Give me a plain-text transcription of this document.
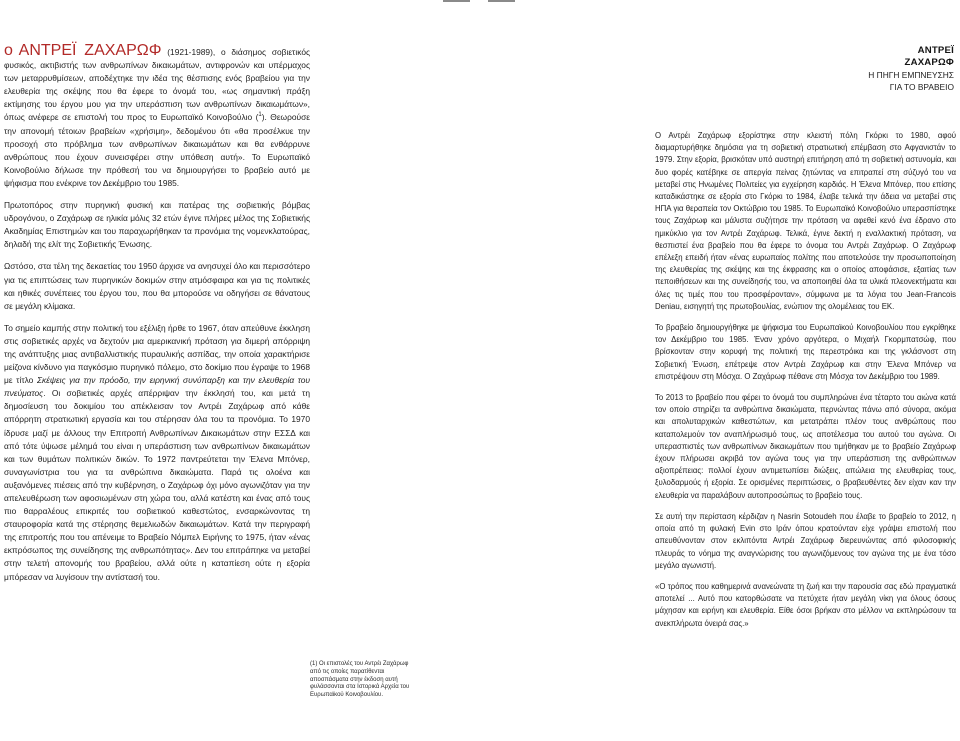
ο ΑΝΤΡΕΪ ΖΑΧΑΡΩΦ (1921-1989), ο διάσημος σοβιετικός φυσικός, ακτιβιστής των ανθρωπίνων δικαιωμάτων, αντιφρονών και υπέρμαχος των μεταρρυθμίσεων, αποδέχτηκε την ιδέα της θέσπισης ενός βραβείου για την ελευθερία της σκέψης που θα έφερε το όνομά του, «ως σημαντική πράξη εκτίμησης του έργου μου για την υπεράσπιση των ανθρωπίνων δικαιωμάτων», όπως ανέφερε σε επιστολή του προς το Ευρωπαϊκό Κοινοβούλιο ($^1$). Θεωρούσε την απονομή τέτοιων βραβείων «χρήσιμη», δεδομένου ότι «θα προσέλκυε την προσοχή στο πρόβλημα των ανθρωπίνων δικαιωμάτων και θα ενθάρρυνε ανθρώπους που έχουν συνεισφέρει στην υπόθεση αυτή». Το Ευρωπαϊκό Κοινοβούλιο δήλωσε την πρόθεσή του να δημιουργήσει το βραβείο αυτό με ψήφισμα που ενέκρινε τον Δεκέμβριο του 1985.

Πρωτοπόρος στην πυρηνική φυσική και πατέρας της σοβιετικής βόμβας υδρογόνου, ο Ζαχάρωφ σε ηλικία μόλις 32 ετών έγινε πλήρες μέλος της Σοβιετικής Ακαδημίας Επιστημών και του παραχωρήθηκαν τα προνόμια της νομενκλατούρας, δηλαδή της ελίτ της Σοβιετικής Ένωσης.

Ωστόσο, στα τέλη της δεκαετίας του 1950 άρχισε να ανησυχεί όλο και περισσότερο για τις επιπτώσεις των πυρηνικών δοκιμών στην ατμόσφαιρα και για τις πολιτικές και ηθικές συνέπειες του έργου του, που θα μπορούσε να οδηγήσει σε θάνατους σε μεγάλη κλίμακα.

Το σημείο καμπής στην πολιτική του εξέλιξη ήρθε το 1967, όταν απεύθυνε έκκληση στις σοβιετικές αρχές να δεχτούν μια αμερικανική πρόταση για διμερή απόρριψη της ανάπτυξης μιας αντιβαλλιστικής πυραυλικής ασπίδας, την οποία χαρακτήρισε μείζονα κίνδυνο για παγκόσμιο πυρηνικό πόλεμο, στο δοκίμιο που έγραψε το 1968 με τίτλο Σκέψεις για την πρόοδο, την ειρηνική συνύπαρξη και την ελευθερία του πνεύματος. Οι σοβιετικές αρχές απέρριψαν την έκκλησή του, και μετά τη δημοσίευση του δοκιμίου του απέκλεισαν τον Αντρέι Ζαχάρωφ από κάθε απόρρητη στρατιωτική εργασία και του στέρησαν όλα του τα προνόμια. Το 1970 ίδρυσε μαζί με άλλους την Επιτροπή Ανθρωπίνων Δικαιωμάτων στην ΕΣΣΔ και από τότε ύψωσε μέλημά του είναι η υπεράσπιση των ανθρωπίνων δικαιωμάτων και των θυμάτων πολιτικών δικών. Το 1972 παντρεύτεται την Έλενα Μπόνερ, συναγωνίστρια του για τα ανθρώπινα δικαιώματα. Παρά τις ολοένα και αυξανόμενες πιέσεις από την κυβέρνηση, ο Ζαχάρωφ όχι μόνο αγωνιζόταν για την απελευθέρωση των αφοσιωμένων στη χώρα του, αλλά κατέστη και ένας από τους πιο θαρραλέους επικριτές του σοβιετικού καθεστώτος, ενσαρκώνοντας τη σταυροφορία κατά της στέρησης θεμελιωδών δικαιωμάτων. Κατά την περιγραφή της επιτροπής που του απένειμε το Βραβείο Νόμπελ Ειρήνης το 1975, ήταν «ένας εκπρόσωπος της συνείδησης της ανθρωπότητας». Δεν του επιτράπηκε να μεταβεί στην τελετή απονομής του βραβείου, αλλά ούτε η καταπίεση ούτε η εξορία μπόρεσαν να λυγίσουν την αντίστασή του.

ΑΝΤΡΕΪ
ΖΑΧΑΡΩΦ
Η ΠΗΓΗ ΕΜΠΝΕΥΣΗΣ
ΓΙΑ ΤΟ ΒΡΑΒΕΙΟ

Ο Αντρέι Ζαχάρωφ εξορίστηκε στην κλειστή πόλη Γκόρκι το 1980, αφού διαμαρτυρήθηκε δημόσια για τη σοβιετική στρατιωτική επέμβαση στο Αφγανιστάν το 1979. Στην εξορία, βρισκόταν υπό αυστηρή επιτήρηση από τη σοβιετική αστυνομία, και δυο φορές κατέβηκε σε απεργία πείνας ζητώντας να επιτραπεί στη σύζυγό του να μεταβεί στις Ηνωμένες Πολιτείες για εγχείρηση καρδιάς. Η Έλενα Μπόνερ, που επίσης καταδικάστηκε σε εξορία στο Γκόρκι το 1984, έλαβε τελικά την άδεια να μεταβεί στις ΗΠΑ για θεραπεία τον Οκτώβριο του 1985. Το Ευρωπαϊκό Κοινοβούλιο υπερασπίστηκε τους Ζαχάρωφ και μάλιστα συζήτησε την πρόταση να αφεθεί κενό ένα έδρανο στο ημικύκλιο για τον Αντρέι Ζαχάρωφ. Τελικά, έγινε δεκτή η εναλλακτική πρόταση, να θεσπιστεί ένα βραβείο που θα έφερε το όνομα του Αντρέι Ζαχάρωφ. Ο Ζαχάρωφ επέλεξη επειδή ήταν «ένας ευρωπαίος πολίτης που αποτελούσε την προσωποποίηση της ελευθερίας της σκέψης και της έκφρασης και ο οποίος αποφάσισε, εξαιτίας των πεποιθήσεων και της συνείδησής του, να αποποιηθεί όλα τα υλικά πλεονεκτήματα και όλες τις τιμές που του προσφέρονταν», σύμφωνα με τα λόγια του Jean-Francois Deniau, εισηγητή της πρωτοβουλίας, ενώπιον της ολομέλειας του ΕΚ.

Το βραβείο δημιουργήθηκε με ψήφισμα του Ευρωπαϊκού Κοινοβουλίου που εγκρίθηκε τον Δεκέμβριο του 1985. Έναν χρόνο αργότερα, ο Μιχαήλ Γκορμπατσώφ, που βρίσκονταν στην κορυφή της πολιτική της περεστρόικα και της γκλάσνοστ στη Σοβιετική Ένωση, επέτρεψε στον Αντρέι Ζαχάρωφ και στην Έλενα Μπόνερ να επιστρέψουν στη Μόσχα. Ο Ζαχάρωφ πέθανε στη Μόσχα τον Δεκέμβριο του 1989.

Το 2013 το βραβείο που φέρει το όνομά του συμπληρώνει ένα τέταρτο του αιώνα κατά τον οποίο στηρίζει τα ανθρώπινα δικαιώματα, περνώντας πάνω από σύνορα, ακόμα και απολυταρχικών καθεστώτων, και μετατράπει πλέον τους ανθρώπους που καταπολεμούν τον αναπλήρωσιμό τους, ως αποτέλεσμα του αυτού του αγώνα. Οι υπερασπιστές των ανθρωπίνων δικαιωμάτων που τιμήθηκαν με το βραβείο Ζαχάρωφ έχουν πλήρωσει ακριβά τον αγώνα τους για την υπεράσπιση της ανθρώπινων αξιοπρέπειας: πολλοί έχουν αντιμετωπίσει διώξεις, απώλεια της ελευθερίας τους, ξυλοδαρμούς ή εξορία. Σε ορισμένες περιπτώσεις, ο βραβευθέντες δεν είχαν καν την ελευθερία να παραλάβουν αυτοπροσώπως το βραβείο τους.

Σε αυτή την περίσταση κέρδιζαν η Nasrin Sotoudeh που έλαβε το βραβείο το 2012, η οποία από τη φυλακή Εvin στο Ιράν όπου κρατούνταν είχε γράψει επιστολή που απευθύνονταν στον εκλιπόντα Αντρέι Ζαχάρωφ διερευνώντας από φιλοσοφικής πλευράς το νόημα της αναγνώρισης του αγωνιζόμενους τον αγώνα της με ένα τόσο μεγάλο αγωνιστή.

«Ο τρόπος που καθημερινά ανανεώνατε τη ζωή και την παρουσία σας εδώ πραγματικά αποτελεί ... Αυτό που κατορθώσατε να πετύχετε ήταν μεγάλη νίκη για όλους όσους μάχησαν και ειρήνη και ελευθερία. Είθε όσοι βρήκαν στο μέλλον να εκπληρώσουν τα ανεκπλήρωτα όνειρά σας.»

(1) Οι επιστολές του Αντρέι Ζαχάρωφ από τις οποίες παρατίθενται αποσπάσματα στην έκδοση αυτή φυλάσσονται στα Ιστορικά Αρχεία του Ευρωπαϊκού Κοινοβουλίου.
